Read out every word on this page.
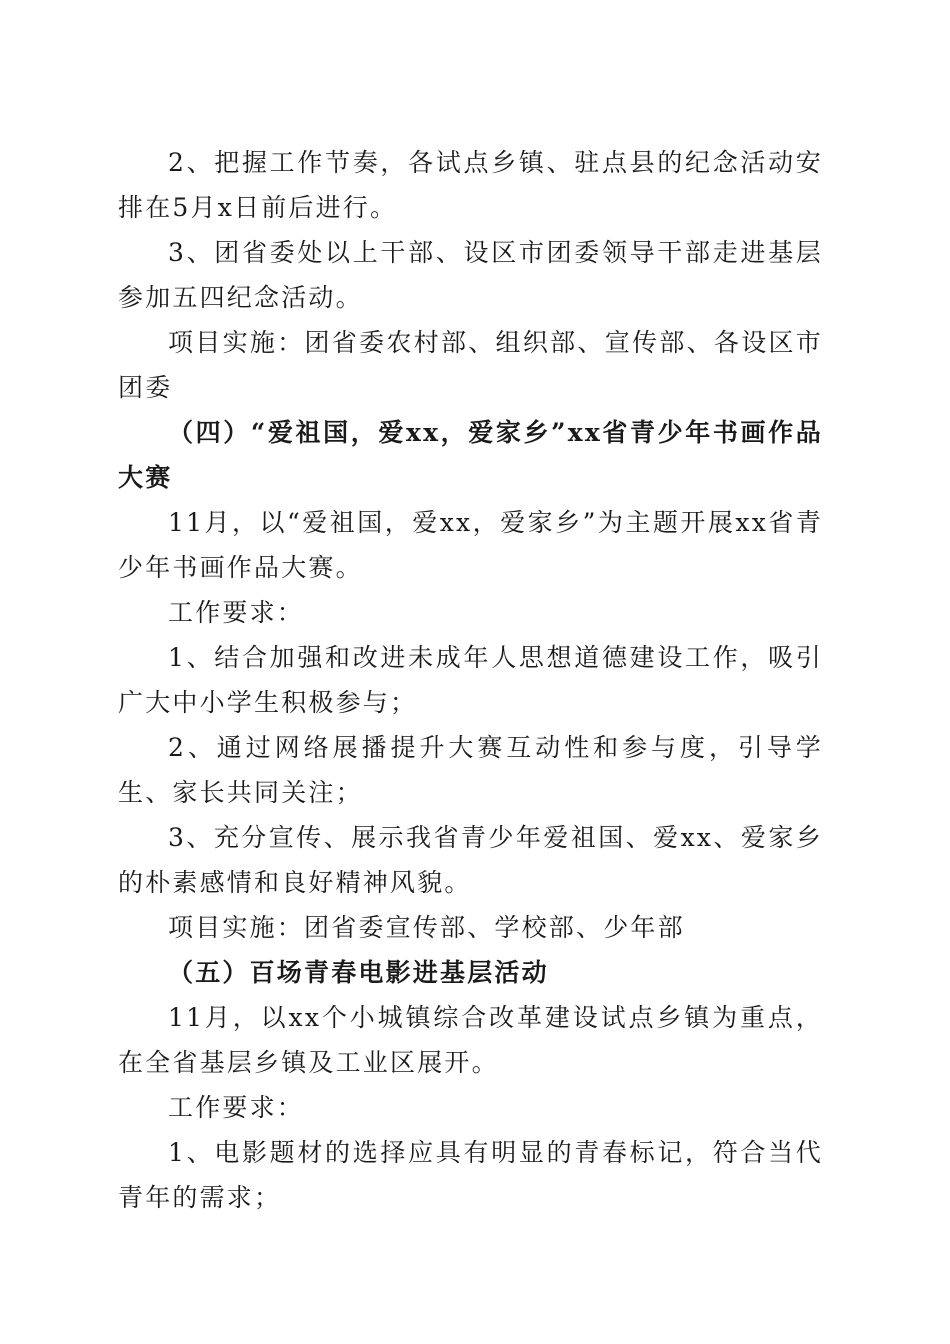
2、把握工作节奏，各试点乡镇、驻点县的纪念活动安排在5月x日前后进行。

3、团省委处以上干部、设区市团委领导干部走进基层参加五四纪念活动。

项目实施：团省委农村部、组织部、宣传部、各设区市团委

（四）“爱祖国，爱xx，爱家乡”xx省青少年书画作品大赛

11月，以“爱祖国，爱xx，爱家乡”为主题开展xx省青少年书画作品大赛。

工作要求：

1、结合加强和改进未成年人思想道德建设工作，吸引广大中小学生积极参与；

2、通过网络展播提升大赛互动性和参与度，引导学生、家长共同关注；

3、充分宣传、展示我省青少年爱祖国、爱xx、爱家乡的朴素感情和良好精神风貌。

项目实施：团省委宣传部、学校部、少年部

（五）百场青春电影进基层活动

11月，以xx个小城镇综合改革建设试点乡镇为重点，在全省基层乡镇及工业区展开。

工作要求：

1、电影题材的选择应具有明显的青春标记，符合当代青年的需求；
